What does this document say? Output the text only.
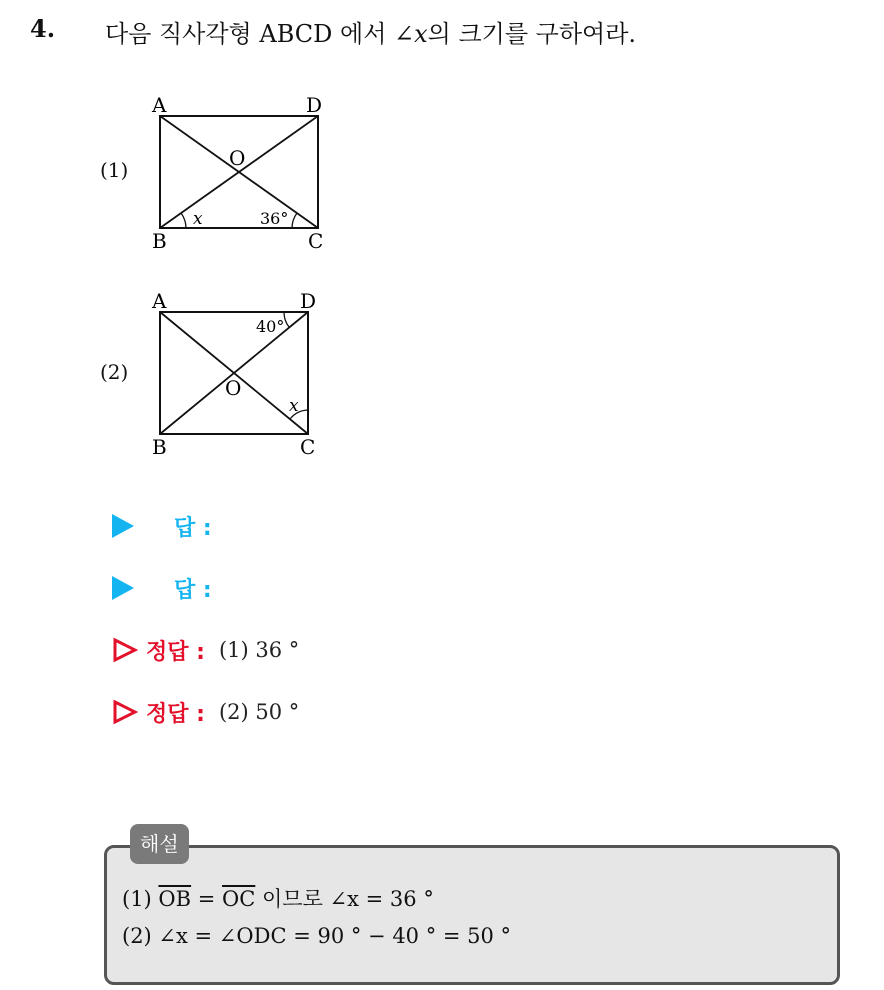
4. 다음 직사각형 ABCD 에서 ∠x의 크기를 구하여라.
(1)
A	D
B	C
O
x	36°
(2)
A	D
B	C
O
40°
x
답 :
답 :
정답 : (1) 36 °
정답 : (2) 50 °
해설
(1) $\overline{OB} = \overline{OC}$ 이므로 ∠x = 36 °
(2) ∠x = ∠ODC = 90 ° − 40 ° = 50 °
